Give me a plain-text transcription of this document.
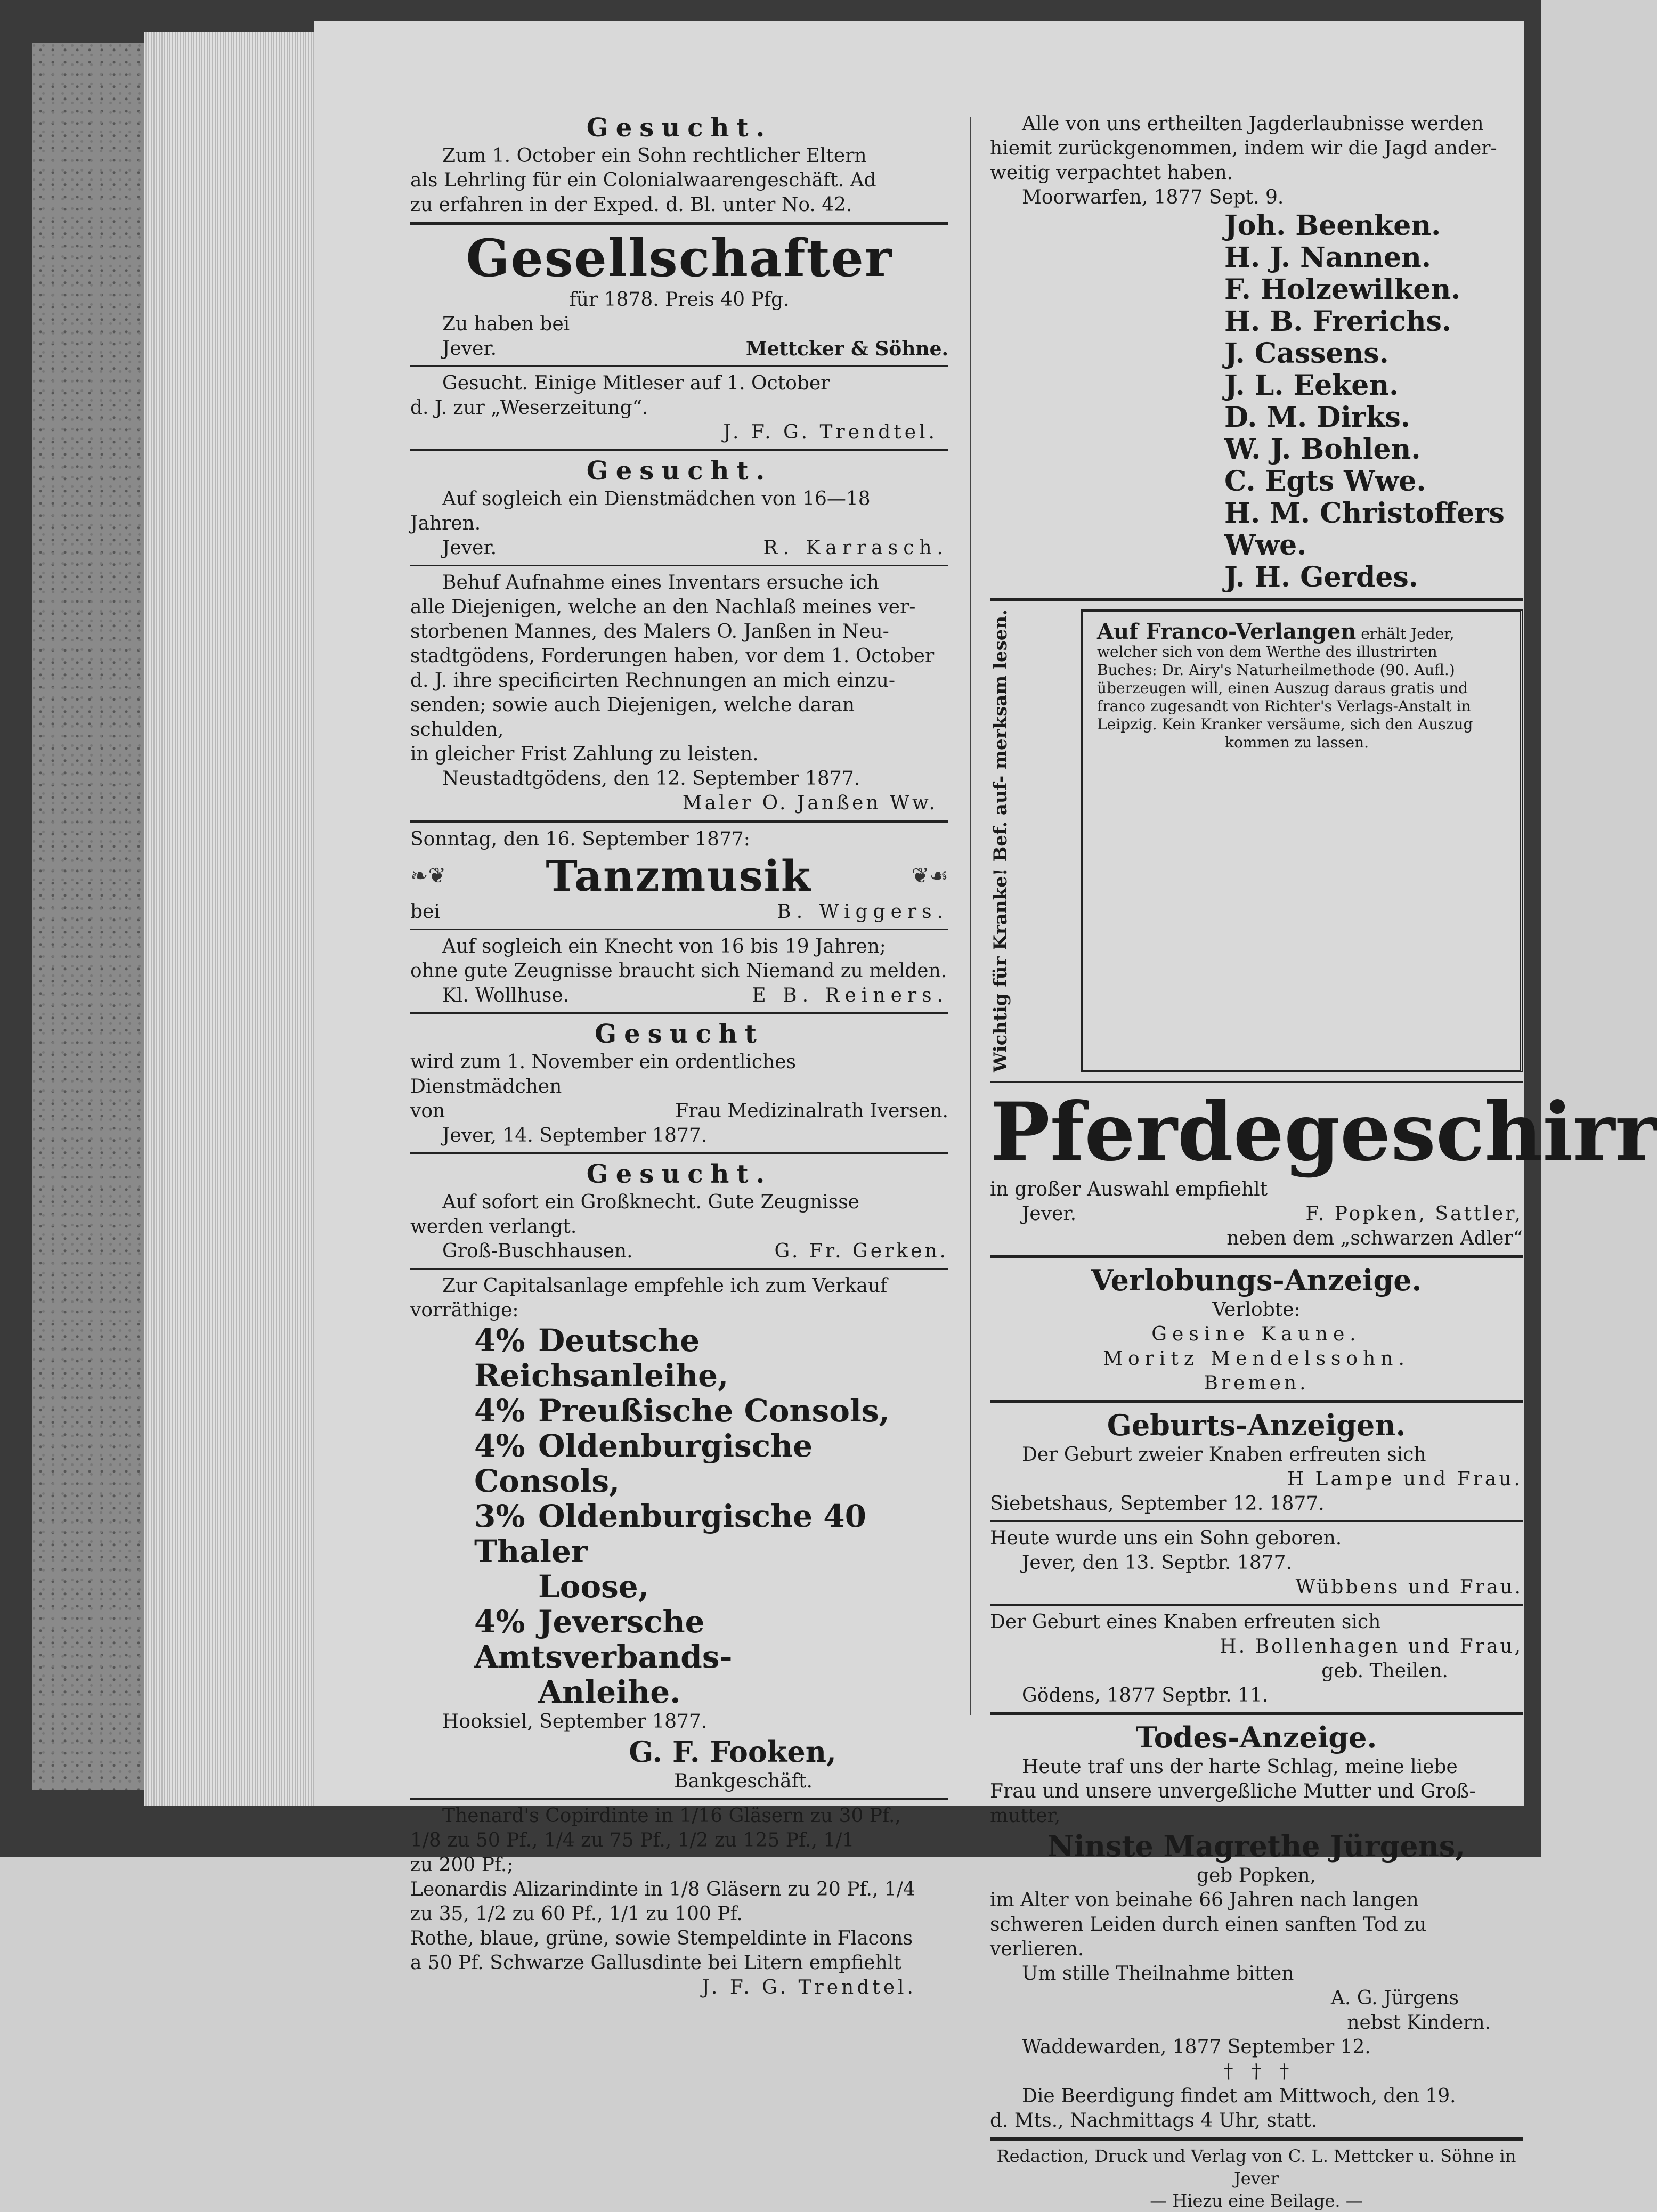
Gesucht.
Zum 1. October ein Sohn rechtlicher Eltern
als Lehrling für ein Colonialwaarengeschäft. Ad
zu erfahren in der Exped. d. Bl. unter No. 42.
Gesellschafter
für 1878. Preis 40 Pfg.
Zu haben bei
Jever.	Mettcker & Söhne.
Gesucht. Einige Mitleser auf 1. October
d. J. zur „Weserzeitung“.
J. F. G. Trendtel.
Gesucht.
Auf sogleich ein Dienstmädchen von 16—18
Jahren.
Jever.	R. Karrasch.
Behuf Aufnahme eines Inventars ersuche ich
alle Diejenigen, welche an den Nachlaß meines ver-
storbenen Mannes, des Malers O. Janßen in Neu-
stadtgödens, Forderungen haben, vor dem 1. October
d. J. ihre specificirten Rechnungen an mich einzu-
senden; sowie auch Diejenigen, welche daran schulden,
in gleicher Frist Zahlung zu leisten.
Neustadtgödens, den 12. September 1877.
Maler O. Janßen Ww.
Sonntag, den 16. September 1877:
❧❦ Tanzmusik	❦☙
bei	B. Wiggers.
Auf sogleich ein Knecht von 16 bis 19 Jahren;
ohne gute Zeugnisse braucht sich Niemand zu melden.
Kl. Wollhuse.	E B. Reiners.
Gesucht
wird zum 1. November ein ordentliches Dienstmädchen
von	Frau Medizinalrath Iversen.
Jever, 14. September 1877.
Gesucht.
Auf sofort ein Großknecht. Gute Zeugnisse
werden verlangt.
Groß-Buschhausen.	G. Fr. Gerken.
Zur Capitalsanlage empfehle ich zum Verkauf
vorräthige:
4% Deutsche Reichsanleihe,
4% Preußische Consols,
4% Oldenburgische Consols,
3% Oldenburgische 40 Thaler
Loose,
4% Jeversche Amtsverbands-
Anleihe.
Hooksiel, September 1877.
G. F. Fooken,
Bankgeschäft.
Thenard's Copirdinte in 1/16 Gläsern zu 30 Pf.,
1/8 zu 50 Pf., 1/4 zu 75 Pf., 1/2 zu 125 Pf., 1/1
zu 200 Pf.;
Leonardis Alizarindinte in 1/8 Gläsern zu 20 Pf., 1/4
zu 35, 1/2 zu 60 Pf., 1/1 zu 100 Pf.
Rothe, blaue, grüne, sowie Stempeldinte in Flacons
a 50 Pf. Schwarze Gallusdinte bei Litern empfiehlt
J. F. G. Trendtel.
Alle von uns ertheilten Jagderlaubnisse werden
hiemit zurückgenommen, indem wir die Jagd ander-
weitig verpachtet haben.
Moorwarfen, 1877 Sept. 9.
Joh. Beenken.
H. J. Nannen.
F. Holzewilken.
H. B. Frerichs.
J. Cassens.
J. L. Eeken.
D. M. Dirks.
W. J. Bohlen.
C. Egts Wwe.
H. M. Christoffers Wwe.
J. H. Gerdes.
Wichtig für Kranke! Bef. auf- merksam lesen.	Auf Franco-Verlangen erhält Jeder,
welcher sich von dem Werthe des illustrirten
Buches: Dr. Airy's Naturheilmethode (90. Aufl.)
überzeugen will, einen Auszug daraus gratis und
franco zugesandt von Richter's Verlags-Anstalt in
Leipzig. Kein Kranker versäume, sich den Auszug
kommen zu lassen.
Pferdegeschirr
in großer Auswahl empfiehlt
Jever.	F. Popken, Sattler,
neben dem „schwarzen Adler“
Verlobungs-Anzeige.
Verlobte:
Gesine Kaune.
Moritz Mendelssohn.
Bremen.
Geburts-Anzeigen.
Der Geburt zweier Knaben erfreuten sich
H Lampe und Frau.
Siebetshaus, September 12. 1877.
Heute wurde uns ein Sohn geboren.
Jever, den 13. Septbr. 1877.
Wübbens und Frau.
Der Geburt eines Knaben erfreuten sich
H. Bollenhagen und Frau,
geb. Theilen.
Gödens, 1877 Septbr. 11.
Todes-Anzeige.
Heute traf uns der harte Schlag, meine liebe
Frau und unsere unvergeßliche Mutter und Groß-
mutter,
Ninste Magrethe Jürgens,
geb Popken,
im Alter von beinahe 66 Jahren nach langen
schweren Leiden durch einen sanften Tod zu verlieren.
Um stille Theilnahme bitten
A. G. Jürgens
nebst Kindern.
Waddewarden, 1877 September 12.
†   †   †
Die Beerdigung findet am Mittwoch, den 19.
d. Mts., Nachmittags 4 Uhr, statt.
Redaction, Druck und Verlag von C. L. Mettcker u. Söhne in Jever
— Hiezu eine Beilage. —
